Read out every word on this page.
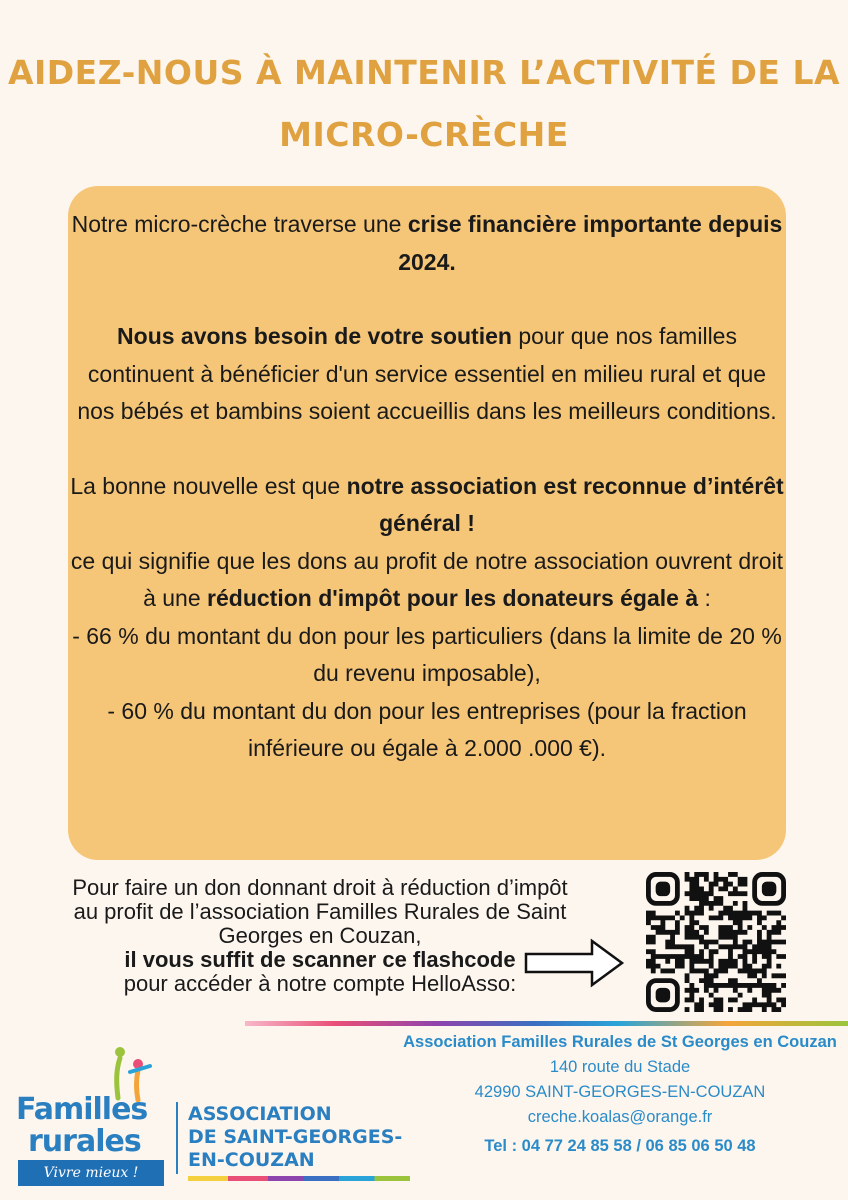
AIDEZ-NOUS À MAINTENIR L’ACTIVITÉ DE LA
MICRO-CRÈCHE

Notre micro-crèche traverse une crise financière importante depuis 2024.

Nous avons besoin de votre soutien pour que nos familles continuent à bénéficier d'un service essentiel en milieu rural et que nos bébés et bambins soient accueillis dans les meilleurs conditions.

La bonne nouvelle est que notre association est reconnue d’intérêt général !
ce qui signifie que les dons au profit de notre association ouvrent droit à une réduction d'impôt pour les donateurs égale à :

- 66 % du montant du don pour les particuliers (dans la limite de 20 % du revenu imposable),

- 60 % du montant du don pour les entreprises (pour la fraction inférieure ou égale à 2.000 .000 €).

Pour faire un don donnant droit à réduction d’impôt

au profit de l’association Familles Rurales de Saint

Georges en Couzan,

il vous suffit de scanner ce flashcode

pour accéder à notre compte HelloAsso:

Association Familles Rurales de St Georges en Couzan
140 route du Stade
42990 SAINT-GEORGES-EN-COUZAN
creche.koalas@orange.fr
Tel : 04 77 24 85 58 / 06 85 06 50 48
Familles
rurales
Vivre mieux !
ASSOCIATION
DE SAINT-GEORGES-
EN-COUZAN
